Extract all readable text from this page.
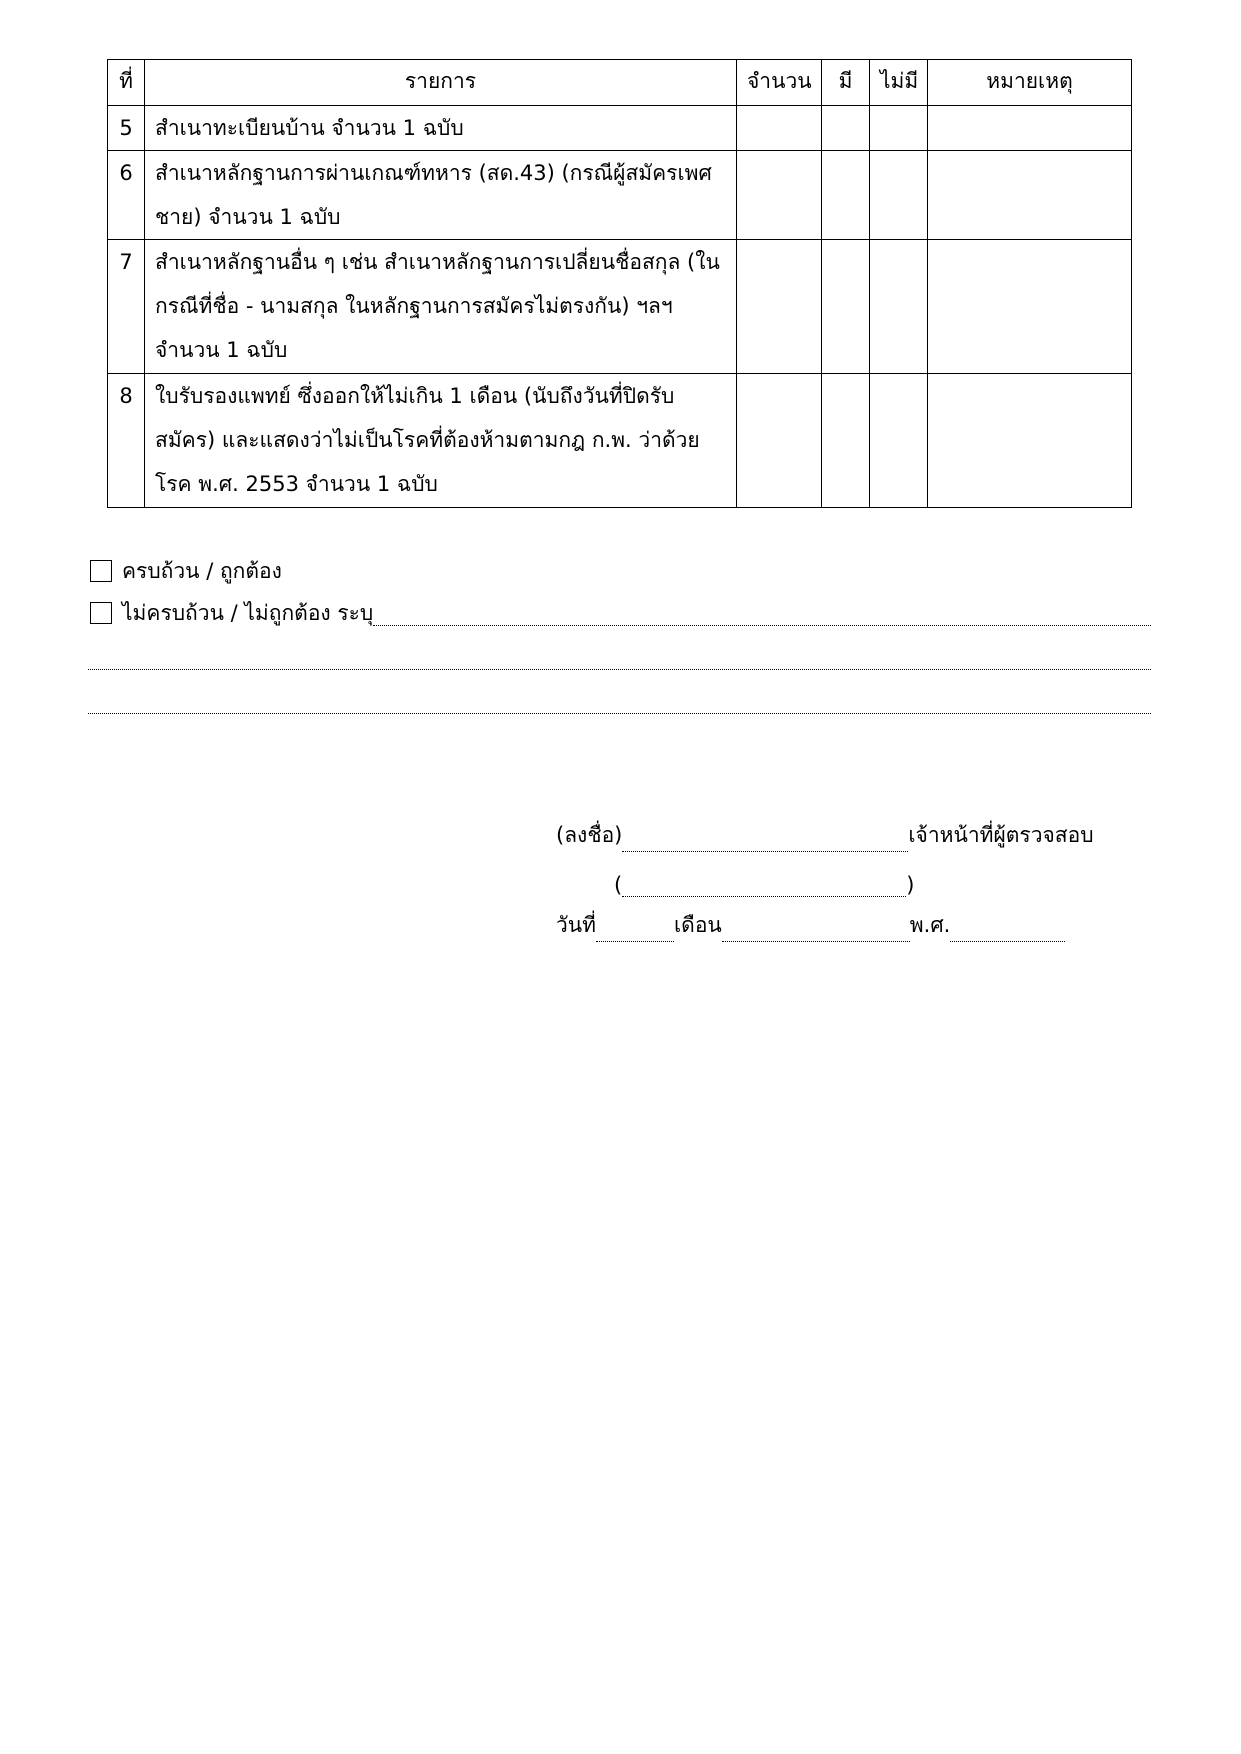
ที่	รายการ	จำนวน	มี	ไม่มี	หมายเหตุ
5	สำเนาทะเบียนบ้าน จำนวน 1 ฉบับ				
6	สำเนาหลักฐานการผ่านเกณฑ์ทหาร (สด.43) (กรณีผู้สมัครเพศชาย) จำนวน 1 ฉบับ				
7	สำเนาหลักฐานอื่น ๆ เช่น สำเนาหลักฐานการเปลี่ยนชื่อสกุล (ในกรณีที่ชื่อ - นามสกุล ในหลักฐานการสมัครไม่ตรงกัน) ฯลฯ จำนวน 1 ฉบับ				
8	ใบรับรองแพทย์ ซึ่งออกให้ไม่เกิน 1 เดือน (นับถึงวันที่ปิดรับสมัคร) และแสดงว่าไม่เป็นโรคที่ต้องห้ามตามกฎ ก.พ. ว่าด้วยโรค พ.ศ. 2553 จำนวน 1 ฉบับ				
ครบถ้วน / ถูกต้อง
ไม่ครบถ้วน / ไม่ถูกต้อง ระบุ
(ลงชื่อ)	เจ้าหน้าที่ผู้ตรวจสอบ
(	)
วันที่	เดือน	พ.ศ.
